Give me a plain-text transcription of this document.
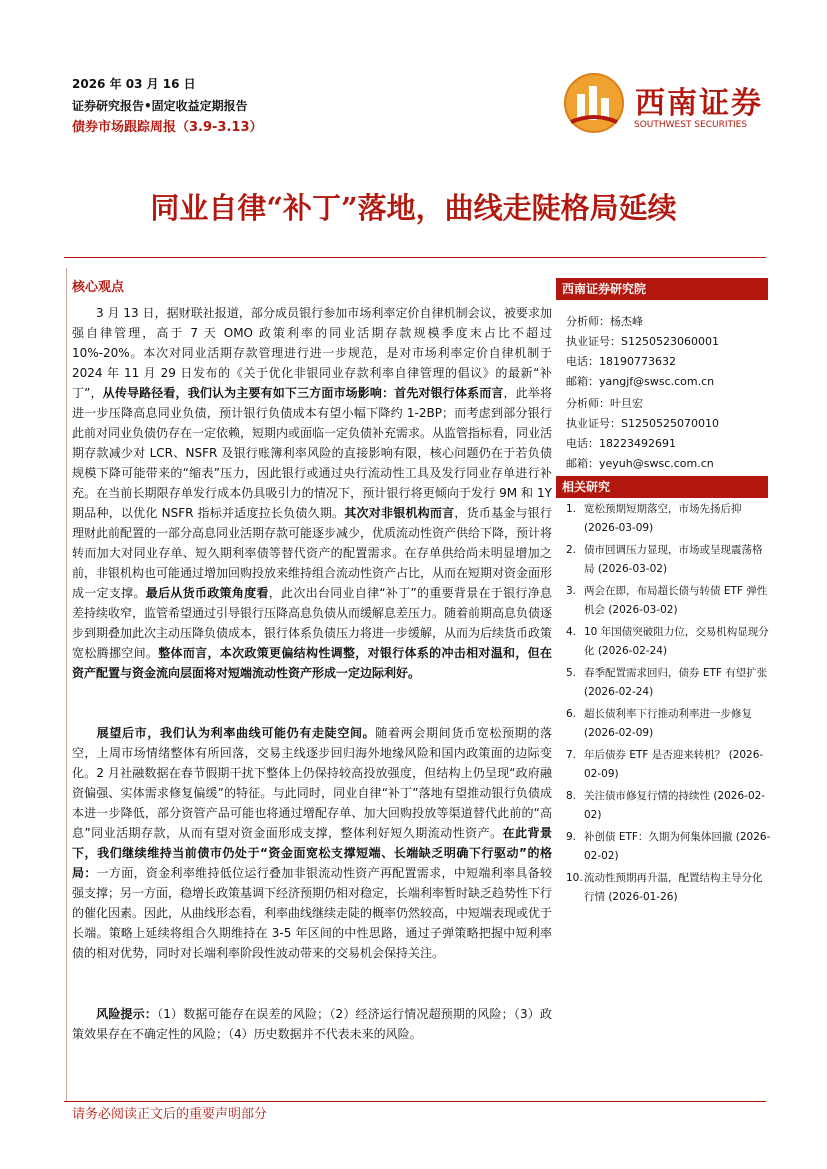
2026 年 03 月 16 日
证券研究报告•固定收益定期报告
债券市场跟踪周报（3.9-3.13）
西南证券
SOUTHWEST SECURITIES
同业自律“补丁”落地，曲线走陡格局延续
核心观点
3 月 13 日，据财联社报道，部分成员银行参加市场利率定价自律机制会议，被要求加强自律管理，高于 7 天 OMO 政策利率的同业活期存款规模季度末占比不超过 10%-20%。本次对同业活期存款管理进行进一步规范，是对市场利率定价自律机制于 2024 年 11 月 29 日发布的《关于优化非银同业存款利率自律管理的倡议》的最新“补丁”，从传导路径看，我们认为主要有如下三方面市场影响：首先对银行体系而言，此举将进一步压降高息同业负债，预计银行负债成本有望小幅下降约 1-2BP；而考虑到部分银行此前对同业负债仍存在一定依赖，短期内或面临一定负债补充需求。从监管指标看，同业活期存款减少对 LCR、NSFR 及银行账簿利率风险的直接影响有限，核心问题仍在于若负债规模下降可能带来的“缩表”压力，因此银行或通过央行流动性工具及发行同业存单进行补充。在当前长期限存单发行成本仍具吸引力的情况下，预计银行将更倾向于发行 9M 和 1Y 期品种，以优化 NSFR 指标并适度拉长负债久期。其次对非银机构而言，货币基金与银行理财此前配置的一部分高息同业活期存款可能逐步减少，优质流动性资产供给下降，预计将转而加大对同业存单、短久期利率债等替代资产的配置需求。在存单供给尚未明显增加之前，非银机构也可能通过增加回购投放来维持组合流动性资产占比，从而在短期对资金面形成一定支撑。最后从货币政策角度看，此次出台同业自律“补丁”的重要背景在于银行净息差持续收窄，监管希望通过引导银行压降高息负债从而缓解息差压力。随着前期高息负债逐步到期叠加此次主动压降负债成本，银行体系负债压力将进一步缓解，从而为后续货币政策宽松腾挪空间。整体而言，本次政策更偏结构性调整，对银行体系的冲击相对温和，但在资产配置与资金流向层面将对短端流动性资产形成一定边际利好。
展望后市，我们认为利率曲线可能仍有走陡空间。随着两会期间货币宽松预期的落空，上周市场情绪整体有所回落，交易主线逐步回归海外地缘风险和国内政策面的边际变化。2 月社融数据在春节假期干扰下整体上仍保持较高投放强度，但结构上仍呈现“政府融资偏强、实体需求修复偏缓”的特征。与此同时，同业自律“补丁”落地有望推动银行负债成本进一步降低，部分资管产品可能也将通过增配存单、加大回购投放等渠道替代此前的“高息”同业活期存款，从而有望对资金面形成支撑，整体利好短久期流动性资产。在此背景下，我们继续维持当前债市仍处于“资金面宽松支撑短端、长端缺乏明确下行驱动”的格局：一方面，资金利率维持低位运行叠加非银流动性资产再配置需求，中短端利率具备较强支撑；另一方面，稳增长政策基调下经济预期仍相对稳定，长端利率暂时缺乏趋势性下行的催化因素。因此，从曲线形态看，利率曲线继续走陡的概率仍然较高，中短端表现或优于长端。策略上延续将组合久期维持在 3-5 年区间的中性思路，通过子弹策略把握中短利率债的相对优势，同时对长端利率阶段性波动带来的交易机会保持关注。
风险提示：（1）数据可能存在误差的风险；（2）经济运行情况超预期的风险；（3）政策效果存在不确定性的风险；（4）历史数据并不代表未来的风险。
西南证券研究院
分析师：杨杰峰
执业证号：S1250523060001
电话：18190773632
邮箱：yangjf@swsc.com.cn
分析师：叶旦宏
执业证号：S1250525070010
电话：18223492691
邮箱：yeyuh@swsc.com.cn
相关研究
1. 宽松预期短期落空，市场先扬后抑 (2026-03-09)
2. 债市回调压力显现，市场或呈现震荡格局 (2026-03-02)
3. 两会在即，布局超长债与转债 ETF 弹性机会 (2026-03-02)
4. 10 年国债突破阻力位，交易机构显现分化 (2026-02-24)
5. 春季配置需求回归，债券 ETF 有望扩张 (2026-02-24)
6. 超长债利率下行推动利率进一步修复 (2026-02-09)
7. 年后债券 ETF 是否迎来转机？ (2026-02-09)
8. 关注债市修复行情的持续性 (2026-02-02)
9. 补创债 ETF：久期为何集体回撤 (2026-02-02)
10. 流动性预期再升温，配置结构主导分化行情 (2026-01-26)
请务必阅读正文后的重要声明部分
